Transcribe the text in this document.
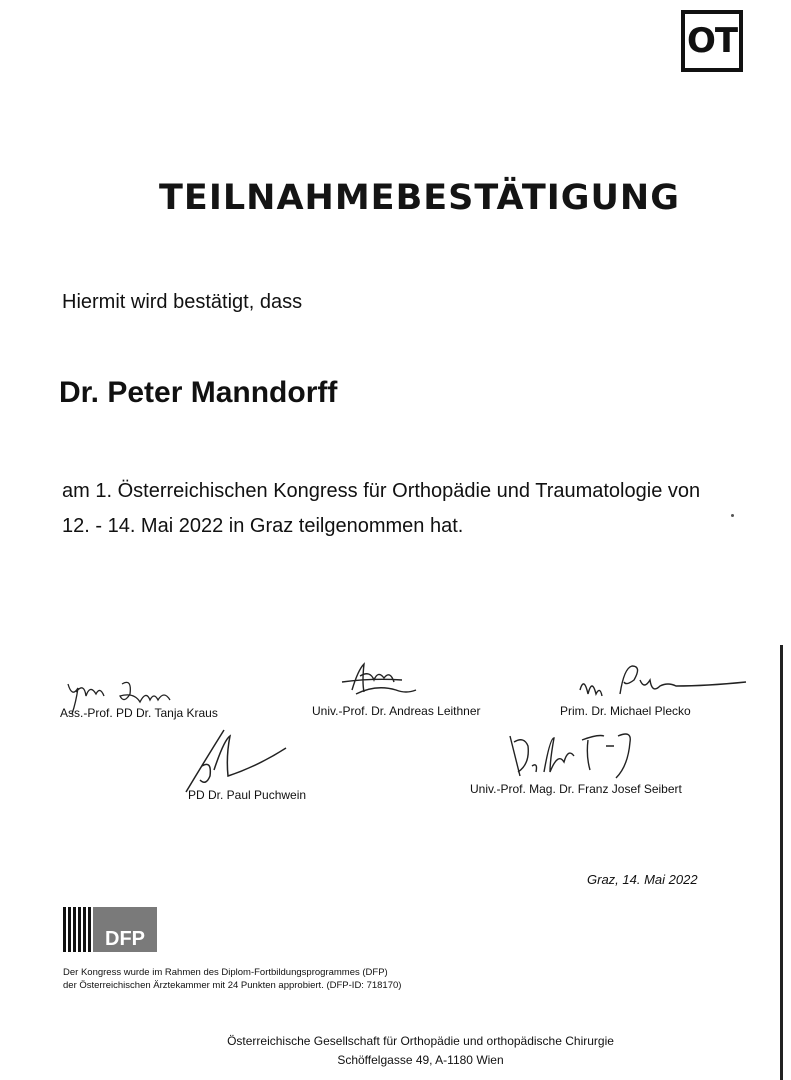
OT
TEILNAHMEBESTÄTIGUNG
Hiermit wird bestätigt, dass
Dr. Peter Manndorff
am 1. Österreichischen Kongress für Orthopädie und Traumatologie von 12. - 14. Mai 2022 in Graz teilgenommen hat.
Ass.-Prof. PD Dr. Tanja Kraus	Univ.-Prof. Dr. Andreas Leithner	Prim. Dr. Michael Plecko
PD Dr. Paul Puchwein	Univ.-Prof. Mag. Dr. Franz Josef Seibert
Graz, 14. Mai 2022
DFP
Der Kongress wurde im Rahmen des Diplom-Fortbildungsprogrammes (DFP)
der Österreichischen Ärztekammer mit 24 Punkten approbiert. (DFP-ID: 718170)
Österreichische Gesellschaft für Orthopädie und orthopädische Chirurgie
Schöffelgasse 49, A-1180 Wien
